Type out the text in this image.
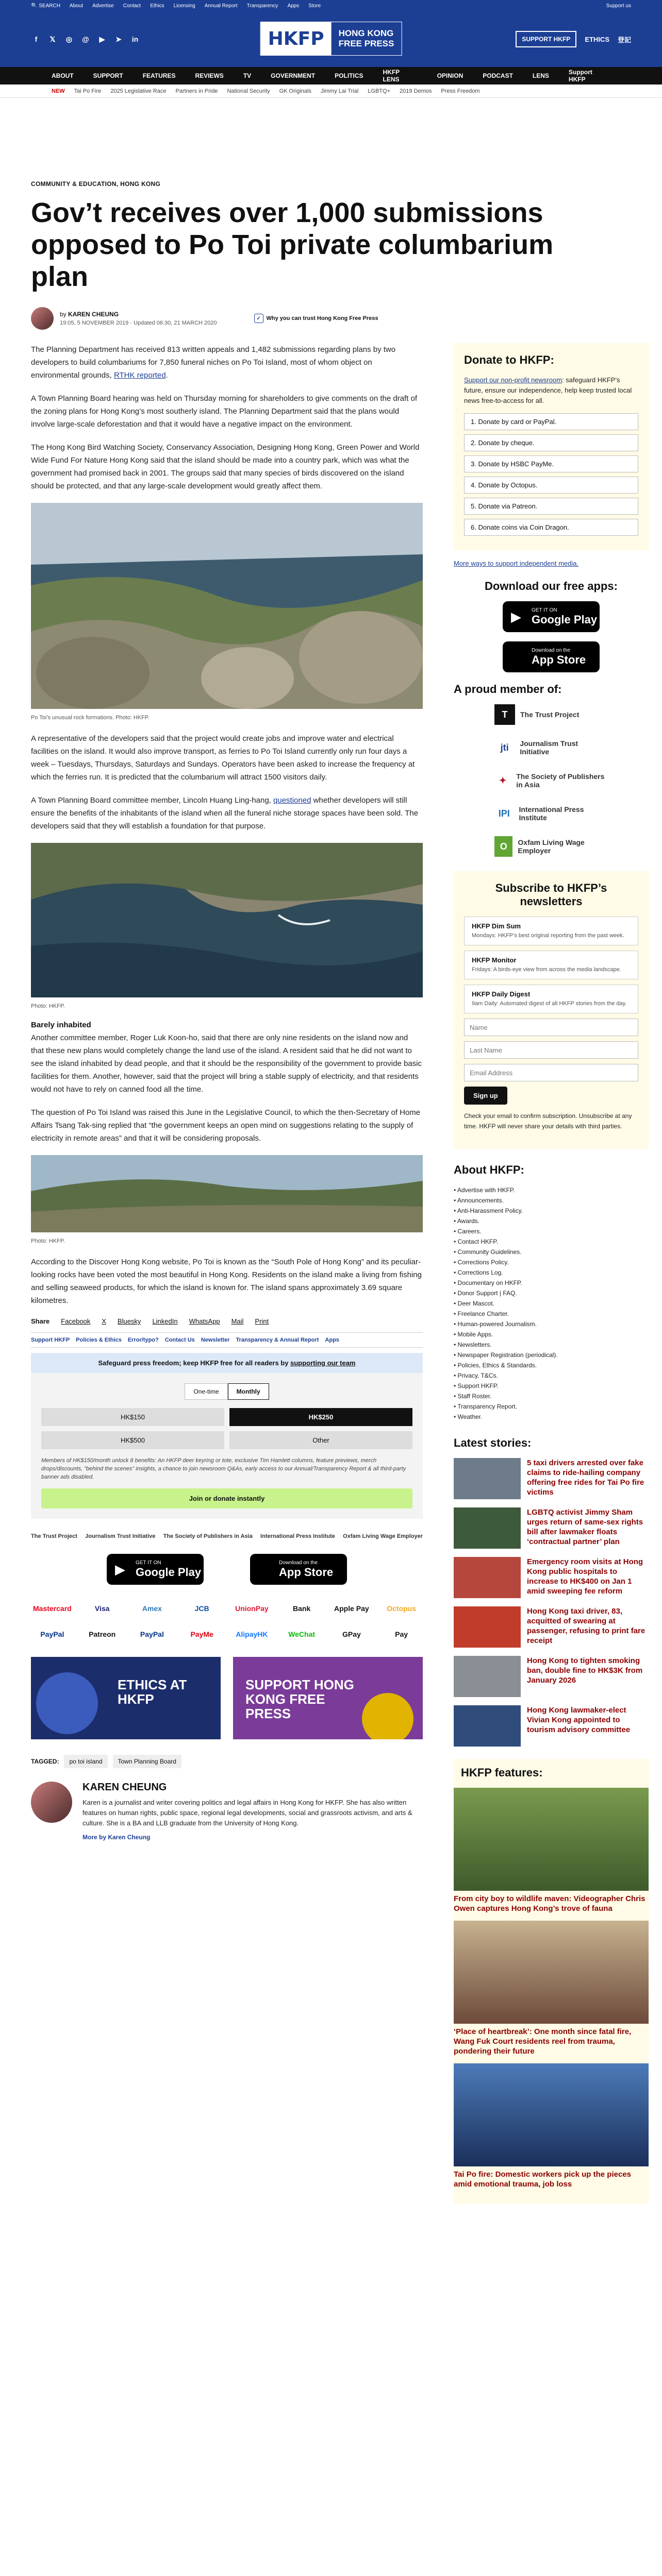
🔍 SEARCH About Advertise Contact Ethics Licensing Annual Report Transparency Apps Store	Support us
f	𝕏	◎ @	▶	➤ in	HKFP	HONG KONG
FREE PRESS	SUPPORT HKFP	ETHICS 登記
ABOUT	SUPPORT	FEATURES	REVIEWS	TV	GOVERNMENT	POLITICS	HKFP LENS	OPINION	PODCAST	LENS	Support HKFP
NEW Tai Po Fire 2025 Legislative Race Partners in Pride National Security GK Originals Jimmy Lai Trial LGBTQ+ 2019 Demos Press Freedom
COMMUNITY & EDUCATION, HONG KONG
Gov’t receives over 1,000 submissions opposed to Po Toi private columbarium plan
by KAREN CHEUNG
19:05, 5 NOVEMBER 2019 · Updated 06:30, 21 MARCH 2020
✓ Why you can trust Hong Kong Free Press

The Planning Department has received 813 written appeals and 1,482 submissions regarding plans by two developers to build columbariums for 7,850 funeral niches on Po Toi Island, most of whom object on environmental grounds, RTHK reported.

A Town Planning Board hearing was held on Thursday morning for shareholders to give comments on the draft of the zoning plans for Hong Kong’s most southerly island. The Planning Department said that the plans would involve large-scale deforestation and that it would have a negative impact on the environment.

The Hong Kong Bird Watching Society, Conservancy Association, Designing Hong Kong, Green Power and World Wide Fund For Nature Hong Kong said that the island should be made into a country park, which was what the government had promised back in 2001. The groups said that many species of birds discovered on the island should be protected, and that any large-scale development would greatly affect them.

Po Toi’s unusual rock formations. Photo: HKFP.

A representative of the developers said that the project would create jobs and improve water and electrical facilities on the island. It would also improve transport, as ferries to Po Toi Island currently only run four days a week – Tuesdays, Thursdays, Saturdays and Sundays. Operators have been asked to increase the frequency at which the ferries run. It is predicted that the columbarium will attract 1500 visitors daily.

A Town Planning Board committee member, Lincoln Huang Ling-hang, questioned whether developers will still ensure the benefits of the inhabitants of the island when all the funeral niche storage spaces have been sold. The developers said that they will establish a foundation for that purpose.

Photo: HKFP.
Barely inhabited

Another committee member, Roger Luk Koon-ho, said that there are only nine residents on the island now and that these new plans would completely change the land use of the island. A resident said that he did not want to see the island inhabited by dead people, and that it should be the responsibility of the government to provide basic facilities for them. Another, however, said that the project will bring a stable supply of electricity, and that residents would not have to rely on canned food all the time.

The question of Po Toi Island was raised this June in the Legislative Council, to which the then-Secretary of Home Affairs Tsang Tak-sing replied that “the government keeps an open mind on suggestions relating to the supply of electricity in remote areas” and that it will be considering proposals.

Photo: HKFP.

According to the Discover Hong Kong website, Po Toi is known as the “South Pole of Hong Kong” and its peculiar-looking rocks have been voted the most beautiful in Hong Kong. Residents on the island make a living from fishing and selling seaweed products, for which the island is known for. The island spans approximately 3.69 square kilometres.

Share Facebook X Bluesky LinkedIn WhatsApp Mail Print
Support HKFP Policies & Ethics Error/typo? Contact Us Newsletter Transparency & Annual Report Apps
Safeguard press freedom; keep HKFP free for all readers by supporting our team
One-time	Monthly
HK$150	HK$250
HK$500	Other
Members of HK$150/month unlock 8 benefits: An HKFP deer keyring or tote, exclusive Tim Hamlett columns, feature previews, merch drops/discounts, "behind the scenes" insights, a chance to join newsroom Q&As, early access to our Annual/Transparency Report & all third-party banner ads disabled.
Join or donate instantly
The Trust Project Journalism Trust Initiative The Society of Publishers in Asia International Press Institute Oxfam Living Wage Employer
▶ GET IT ON
Google Play
Download on the
App Store
Mastercard	Visa	Amex	JCB	UnionPay	Bank	Apple Pay	Octopus
PayPal	Patreon	PayPal	PayMe	AlipayHK	WeChat	GPay	Pay
ETHICS AT HKFP
SUPPORT HONG KONG FREE PRESS
TAGGED:	po toi island	Town Planning Board
KAREN CHEUNG
Karen is a journalist and writer covering politics and legal affairs in Hong Kong for HKFP. She has also written features on human rights, public space, regional legal developments, social and grassroots activism, and arts & culture. She is a BA and LLB graduate from the University of Hong Kong.
More by Karen Cheung
Donate to HKFP:
Support our non-profit newsroom: safeguard HKFP’s future, ensure our independence, help keep trusted local news free-to-access for all.
1. Donate by card or PayPal.
2. Donate by cheque.
3. Donate by HSBC PayMe.
4. Donate by Octopus.
5. Donate via Patreon.
6. Donate coins via Coin Dragon.
More ways to support independent media.
Download our free apps:
▶ GET IT ON
Google Play
Download on the
App Store
A proud member of:
T	The Trust Project
jti	Journalism Trust Initiative
✦	The Society of Publishers in Asia
IPI	International Press Institute
O	Oxfam Living Wage Employer
Subscribe to HKFP’s newsletters
HKFP Dim Sum
Mondays: HKFP’s best original reporting from the past week.
HKFP Monitor
Fridays: A birds-eye view from across the media landscape.
HKFP Daily Digest
9am Daily: Automated digest of all HKFP stories from the day.
Name Last Name Email Address Sign up
Check your email to confirm subscription. Unsubscribe at any time. HKFP will never share your details with third parties.
About HKFP:
• Advertise with HKFP.
• Announcements.
• Anti-Harassment Policy.
• Awards.
• Careers.
• Contact HKFP.
• Community Guidelines.
• Corrections Policy.
• Corrections Log.
• Documentary on HKFP.
• Donor Support | FAQ.
• Deer Mascot.
• Freelance Charter.
• Human-powered Journalism.
• Mobile Apps.
• Newsletters.
• Newspaper Registration (periodical).
• Policies, Ethics & Standards.
• Privacy, T&Cs.
• Support HKFP.
• Staff Roster.
• Transparency Report.
• Weather.
Latest stories:
5 taxi drivers arrested over fake claims to ride-hailing company offering free rides for Tai Po fire victims
LGBTQ activist Jimmy Sham urges return of same-sex rights bill after lawmaker floats ‘contractual partner’ plan
Emergency room visits at Hong Kong public hospitals to increase to HK$400 on Jan 1 amid sweeping fee reform
Hong Kong taxi driver, 83, acquitted of swearing at passenger, refusing to print fare receipt
Hong Kong to tighten smoking ban, double fine to HK$3K from January 2026
Hong Kong lawmaker-elect Vivian Kong appointed to tourism advisory committee
HKFP features:
From city boy to wildlife maven: Videographer Chris Owen captures Hong Kong’s trove of fauna
‘Place of heartbreak’: One month since fatal fire, Wang Fuk Court residents reel from trauma, pondering their future
Tai Po fire: Domestic workers pick up the pieces amid emotional trauma, job loss
